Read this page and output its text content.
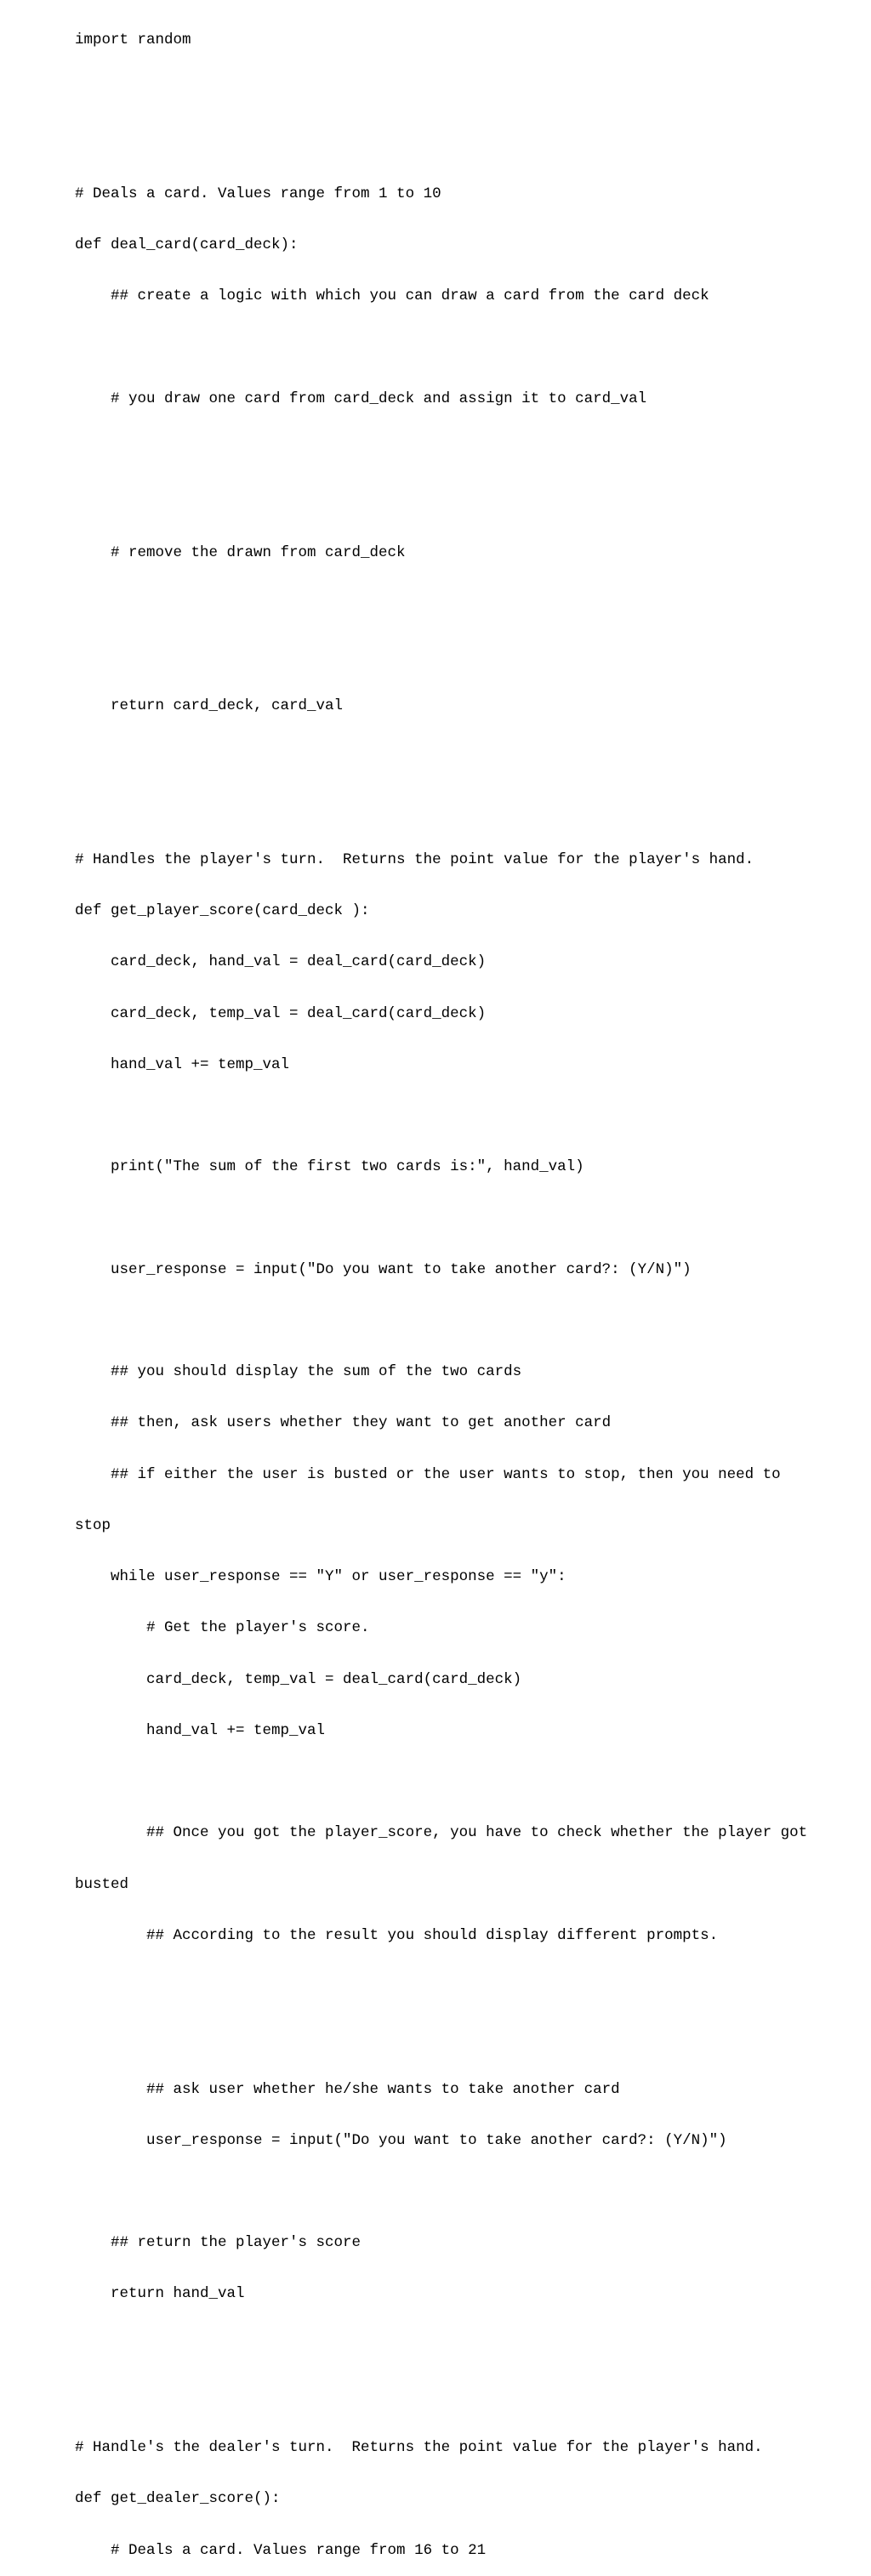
import random

# Deals a card. Values range from 1 to 10

def deal_card(card_deck):

## create a logic with which you can draw a card from the card deck

# you draw one card from card_deck and assign it to card_val

# remove the drawn from card_deck

return card_deck, card_val

# Handles the player's turn.  Returns the point value for the player's hand.

def get_player_score(card_deck ):

card_deck, hand_val = deal_card(card_deck)

card_deck, temp_val = deal_card(card_deck)

hand_val += temp_val

print("The sum of the first two cards is:", hand_val)

user_response = input("Do you want to take another card?: (Y/N)")

## you should display the sum of the two cards

## then, ask users whether they want to get another card

## if either the user is busted or the user wants to stop, then you need to

stop

while user_response == "Y" or user_response == "y":

# Get the player's score.

card_deck, temp_val = deal_card(card_deck)

hand_val += temp_val

## Once you got the player_score, you have to check whether the player got

busted

## According to the result you should display different prompts.

## ask user whether he/she wants to take another card

user_response = input("Do you want to take another card?: (Y/N)")

## return the player's score

return hand_val

# Handle's the dealer's turn.  Returns the point value for the player's hand.

def get_dealer_score():

# Deals a card. Values range from 16 to 21
